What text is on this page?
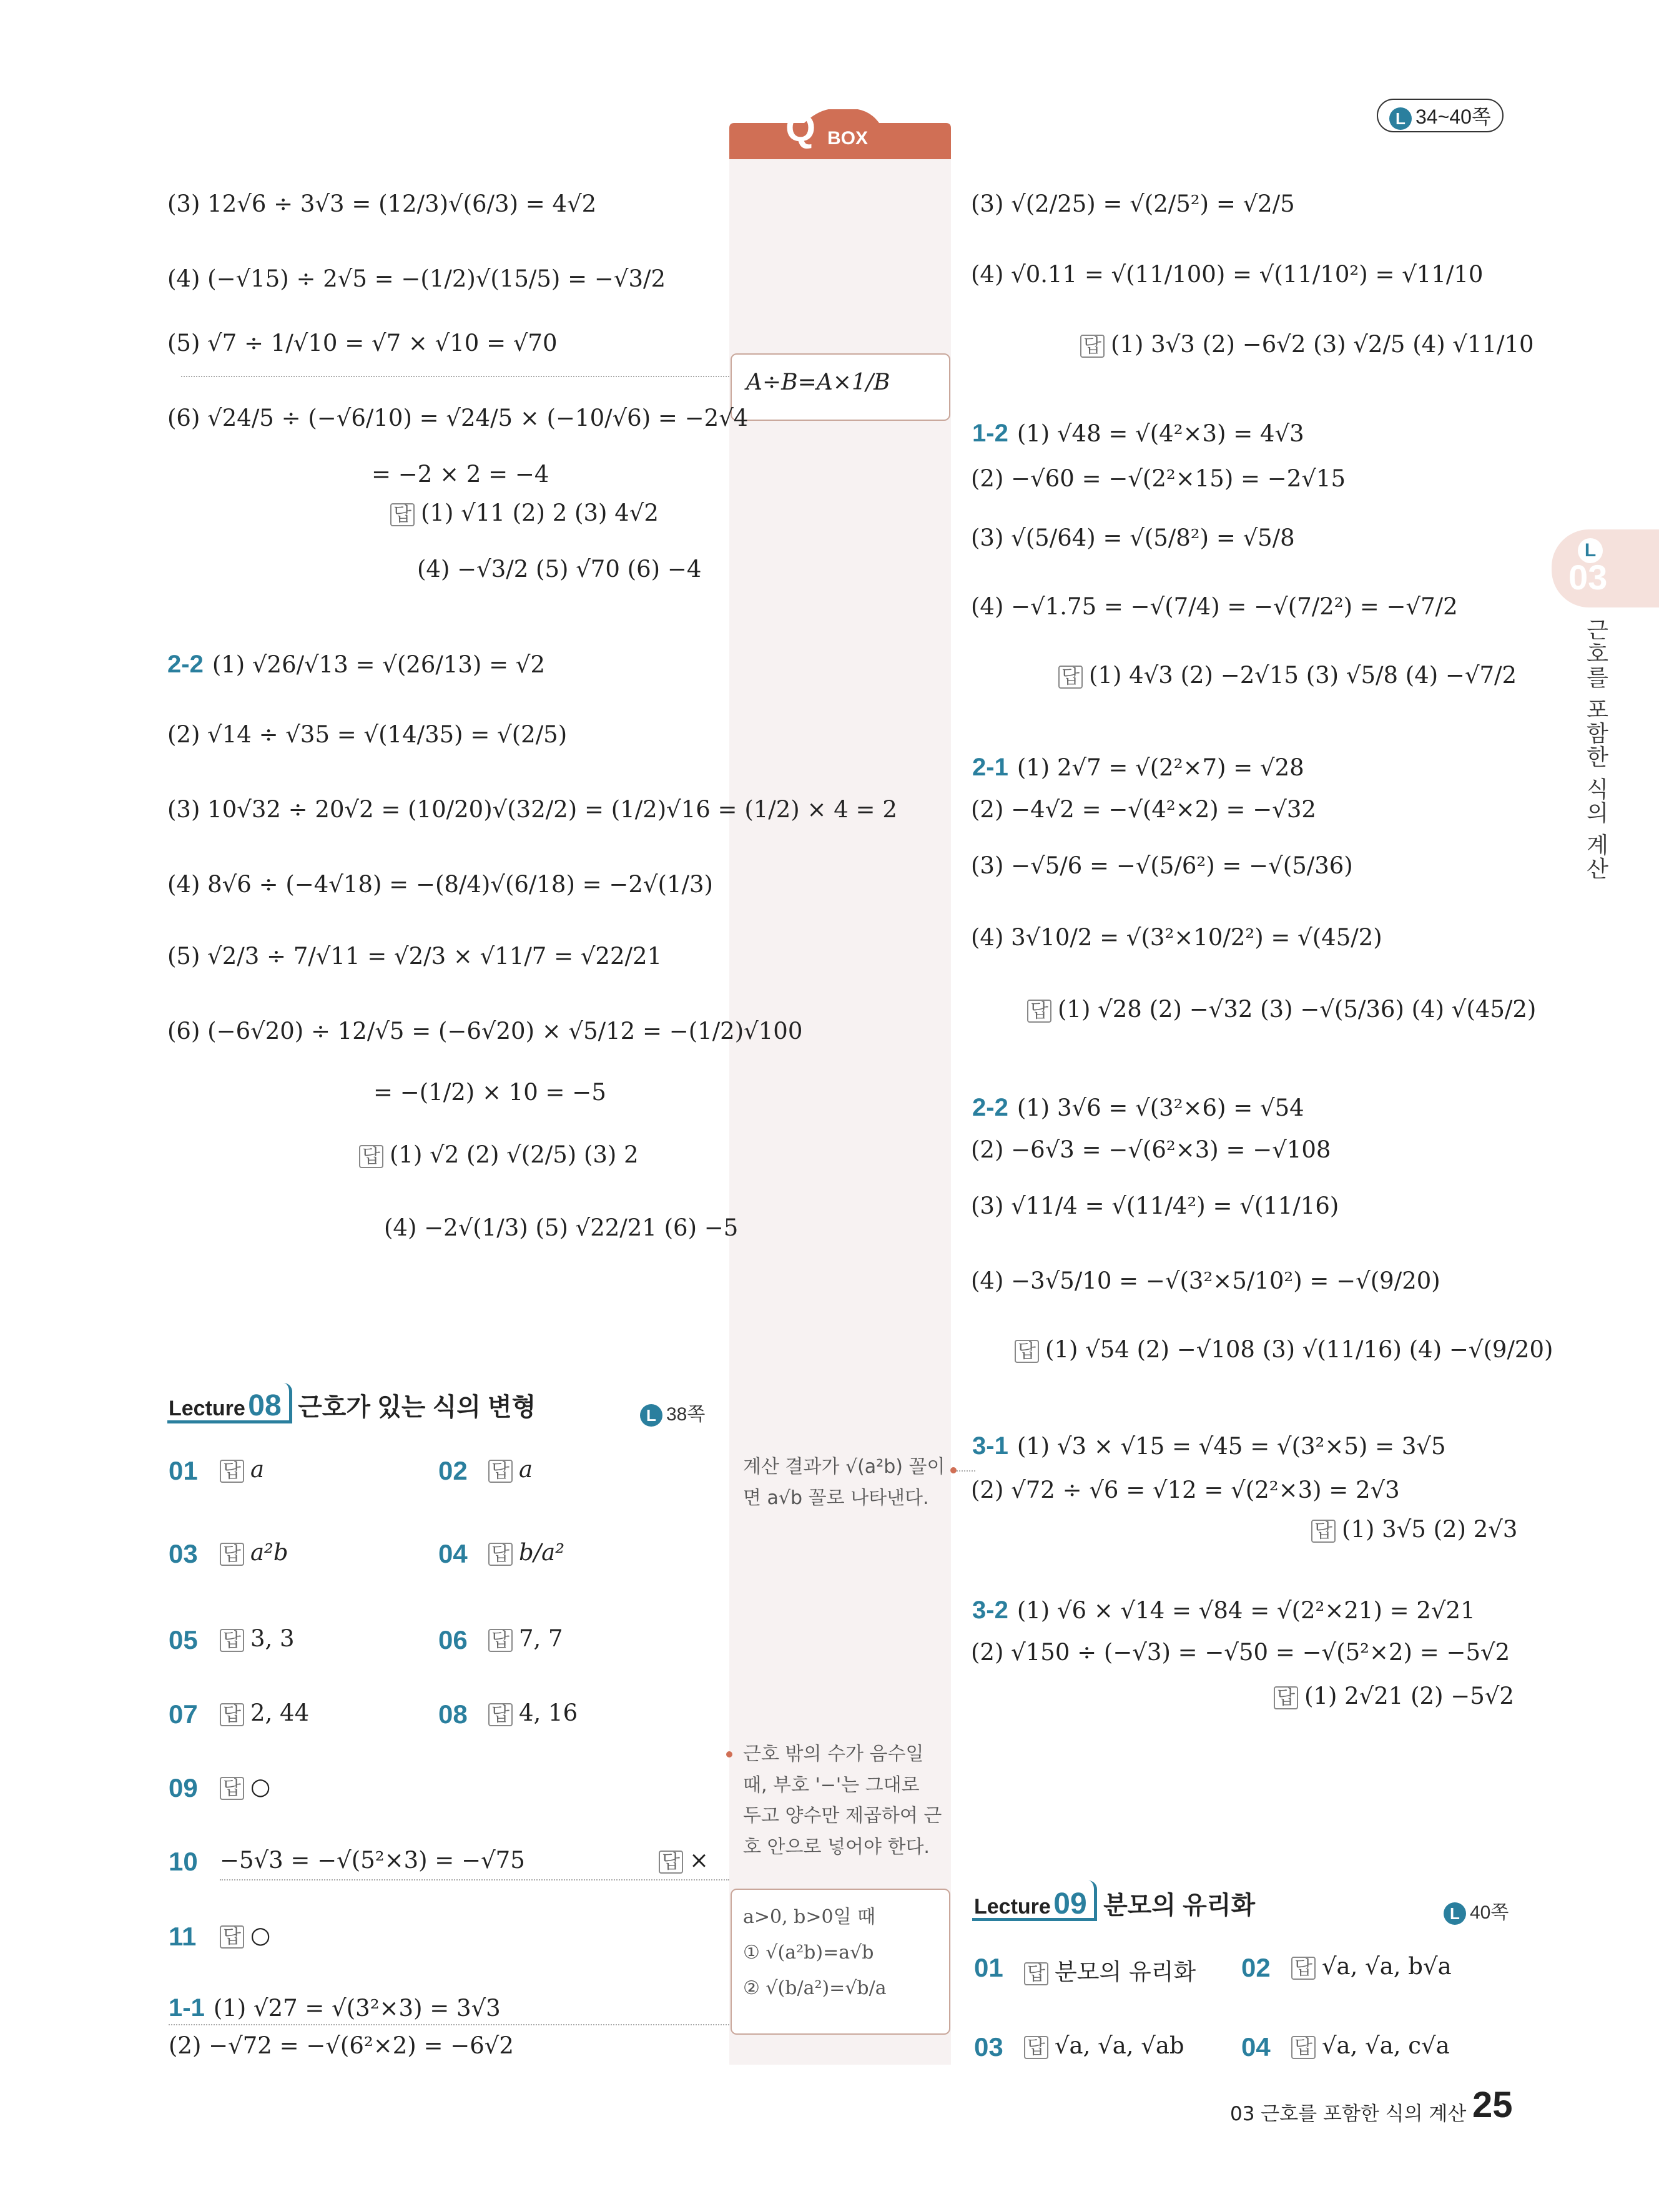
L 34~40쪽
Q BOX
A÷B=A×1/B
계산 결과가 √(a²b) 꼴이
면 a√b 꼴로 나타낸다.
근호 밖의 수가 음수일
때, 부호 '−'는 그대로
두고 양수만 제곱하여 근
호 안으로 넣어야 한다.
a>0, b>0일 때
① √(a²b)=a√b
② √(b/a²)=√b/a
(3) 12√6 ÷ 3√3 = (12/3)√(6/3) = 4√2
(4) (−√15) ÷ 2√5 = −(1/2)√(15/5) = −√3/2
(5) √7 ÷ 1/√10 = √7 × √10 = √70
(6) √24/5 ÷ (−√6/10) = √24/5 × (−10/√6) = −2√4
= −2 × 2 = −4
답 (1) √11 (2) 2 (3) 4√2
(4) −√3/2 (5) √70 (6) −4
2-2 (1) √26/√13 = √(26/13) = √2
(2) √14 ÷ √35 = √(14/35) = √(2/5)
(3) 10√32 ÷ 20√2 = (10/20)√(32/2) = (1/2)√16 = (1/2) × 4 = 2
(4) 8√6 ÷ (−4√18) = −(8/4)√(6/18) = −2√(1/3)
(5) √2/3 ÷ 7/√11 = √2/3 × √11/7 = √22/21
(6) (−6√20) ÷ 12/√5 = (−6√20) × √5/12 = −(1/2)√100
= −(1/2) × 10 = −5
답 (1) √2 (2) √(2/5) (3) 2
(4) −2√(1/3) (5) √22/21 (6) −5
Lecture 08 근호가 있는 식의 변형	L 38쪽
01 답 a	02 답 a
03 답 a²b	04 답 b/a²
05 답 3, 3	06 답 7, 7
07 답 2, 44	08 답 4, 16
09 답 ○
10 −5√3 = −√(5²×3) = −√75	답 ×
11 답 ○
1-1 (1) √27 = √(3²×3) = 3√3
(2) −√72 = −√(6²×2) = −6√2
(3) √(2/25) = √(2/5²) = √2/5
(4) √0.11 = √(11/100) = √(11/10²) = √11/10
답 (1) 3√3 (2) −6√2 (3) √2/5 (4) √11/10
1-2 (1) √48 = √(4²×3) = 4√3
(2) −√60 = −√(2²×15) = −2√15
(3) √(5/64) = √(5/8²) = √5/8
(4) −√1.75 = −√(7/4) = −√(7/2²) = −√7/2
답 (1) 4√3 (2) −2√15 (3) √5/8 (4) −√7/2
2-1 (1) 2√7 = √(2²×7) = √28
(2) −4√2 = −√(4²×2) = −√32
(3) −√5/6 = −√(5/6²) = −√(5/36)
(4) 3√10/2 = √(3²×10/2²) = √(45/2)
답 (1) √28 (2) −√32 (3) −√(5/36) (4) √(45/2)
2-2 (1) 3√6 = √(3²×6) = √54
(2) −6√3 = −√(6²×3) = −√108
(3) √11/4 = √(11/4²) = √(11/16)
(4) −3√5/10 = −√(3²×5/10²) = −√(9/20)
답 (1) √54 (2) −√108 (3) √(11/16) (4) −√(9/20)
3-1 (1) √3 × √15 = √45 = √(3²×5) = 3√5
(2) √72 ÷ √6 = √12 = √(2²×3) = 2√3
답 (1) 3√5 (2) 2√3
3-2 (1) √6 × √14 = √84 = √(2²×21) = 2√21
(2) √150 ÷ (−√3) = −√50 = −√(5²×2) = −5√2
답 (1) 2√21 (2) −5√2
Lecture 09 분모의 유리화	L 40쪽
01 답 분모의 유리화 02 답 √a, √a, b√a
03 답 √a, √a, √ab 04 답 √a, √a, c√a
L
03
근호를 포함한 식의 계산
03 근호를 포함한 식의 계산 25
